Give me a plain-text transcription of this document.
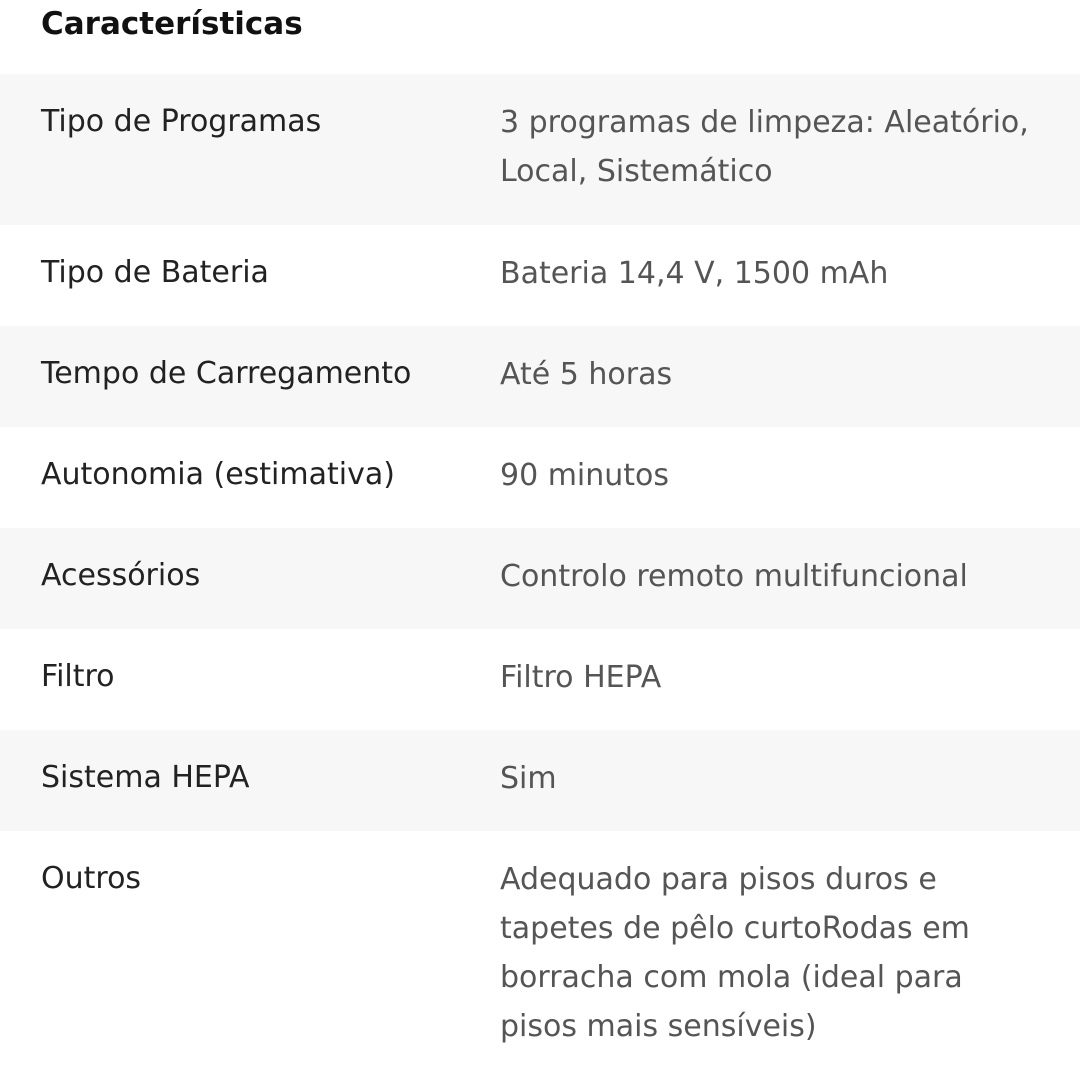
Características
Tipo de Programas	3 programas de limpeza: Aleatório, Local, Sistemático
Tipo de Bateria	Bateria 14,4 V, 1500 mAh
Tempo de Carregamento	Até 5 horas
Autonomia (estimativa)	90 minutos
Acessórios	Controlo remoto multifuncional
Filtro	Filtro HEPA
Sistema HEPA	Sim
Outros	Adequado para pisos duros e tapetes de pêlo curtoRodas em borracha com mola (ideal para pisos mais sensíveis)
